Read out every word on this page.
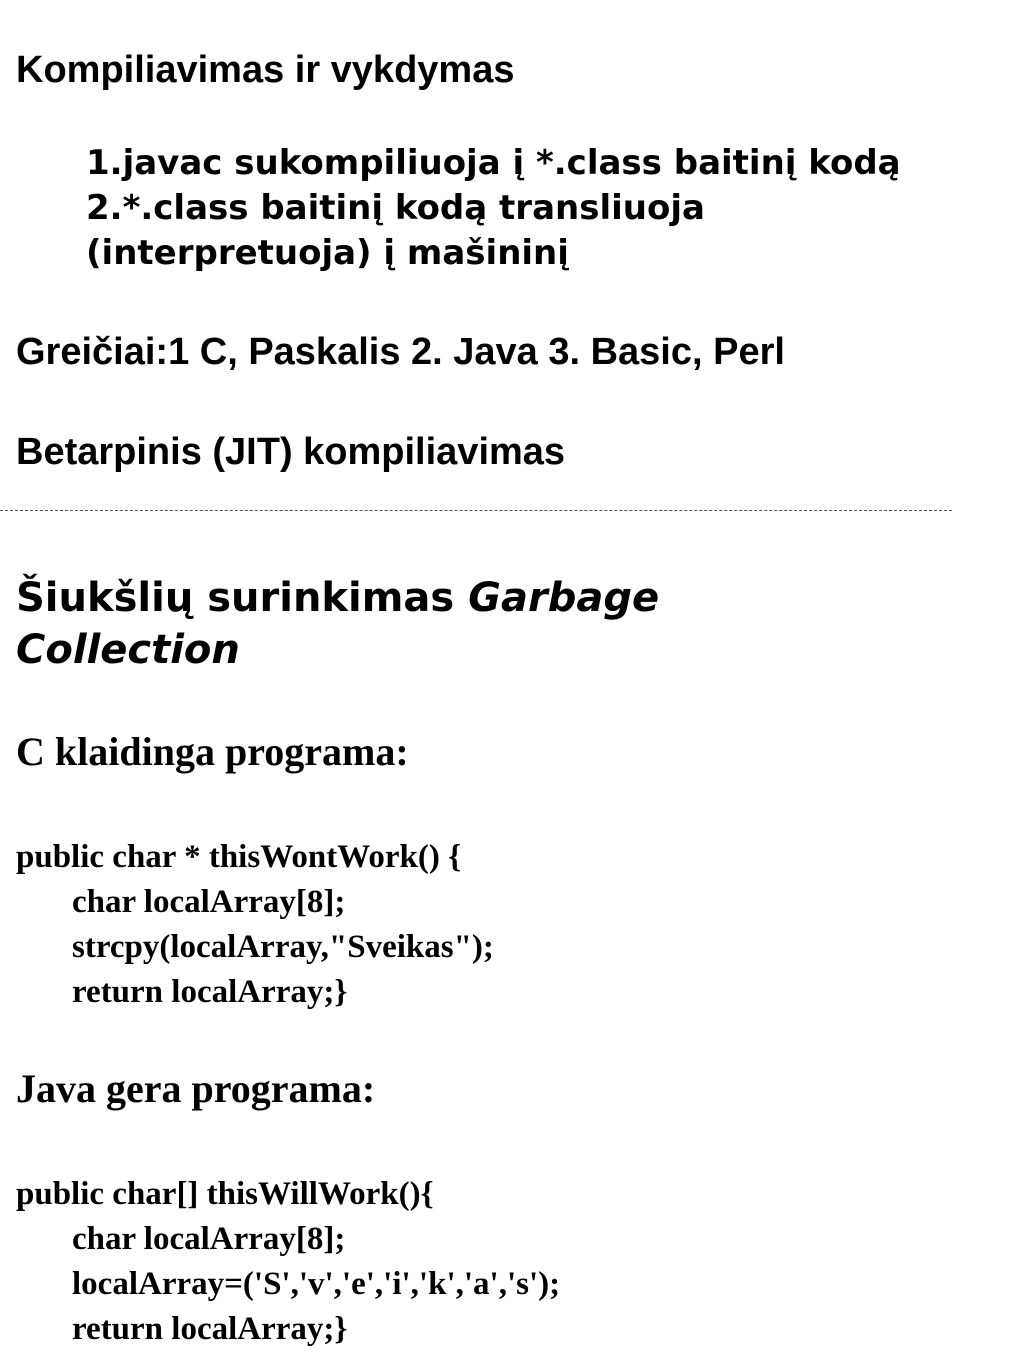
Kompiliavimas ir vykdymas
1.javac sukompiliuoja į *.class baitinį kodą
2.*.class baitinį kodą transliuoja
(interpretuoja) į mašininį
Greičiai:1 C, Paskalis 2. Java 3. Basic, Perl
Betarpinis (JIT) kompiliavimas
Šiukšlių surinkimas Garbage
Collection
C klaidinga programa:
public char * thisWontWork() {
char localArray[8];
strcpy(localArray,"Sveikas");
return localArray;}
Java gera programa:
public char[] thisWillWork(){
char localArray[8];
localArray=('S','v','e','i','k','a','s');
return localArray;}
